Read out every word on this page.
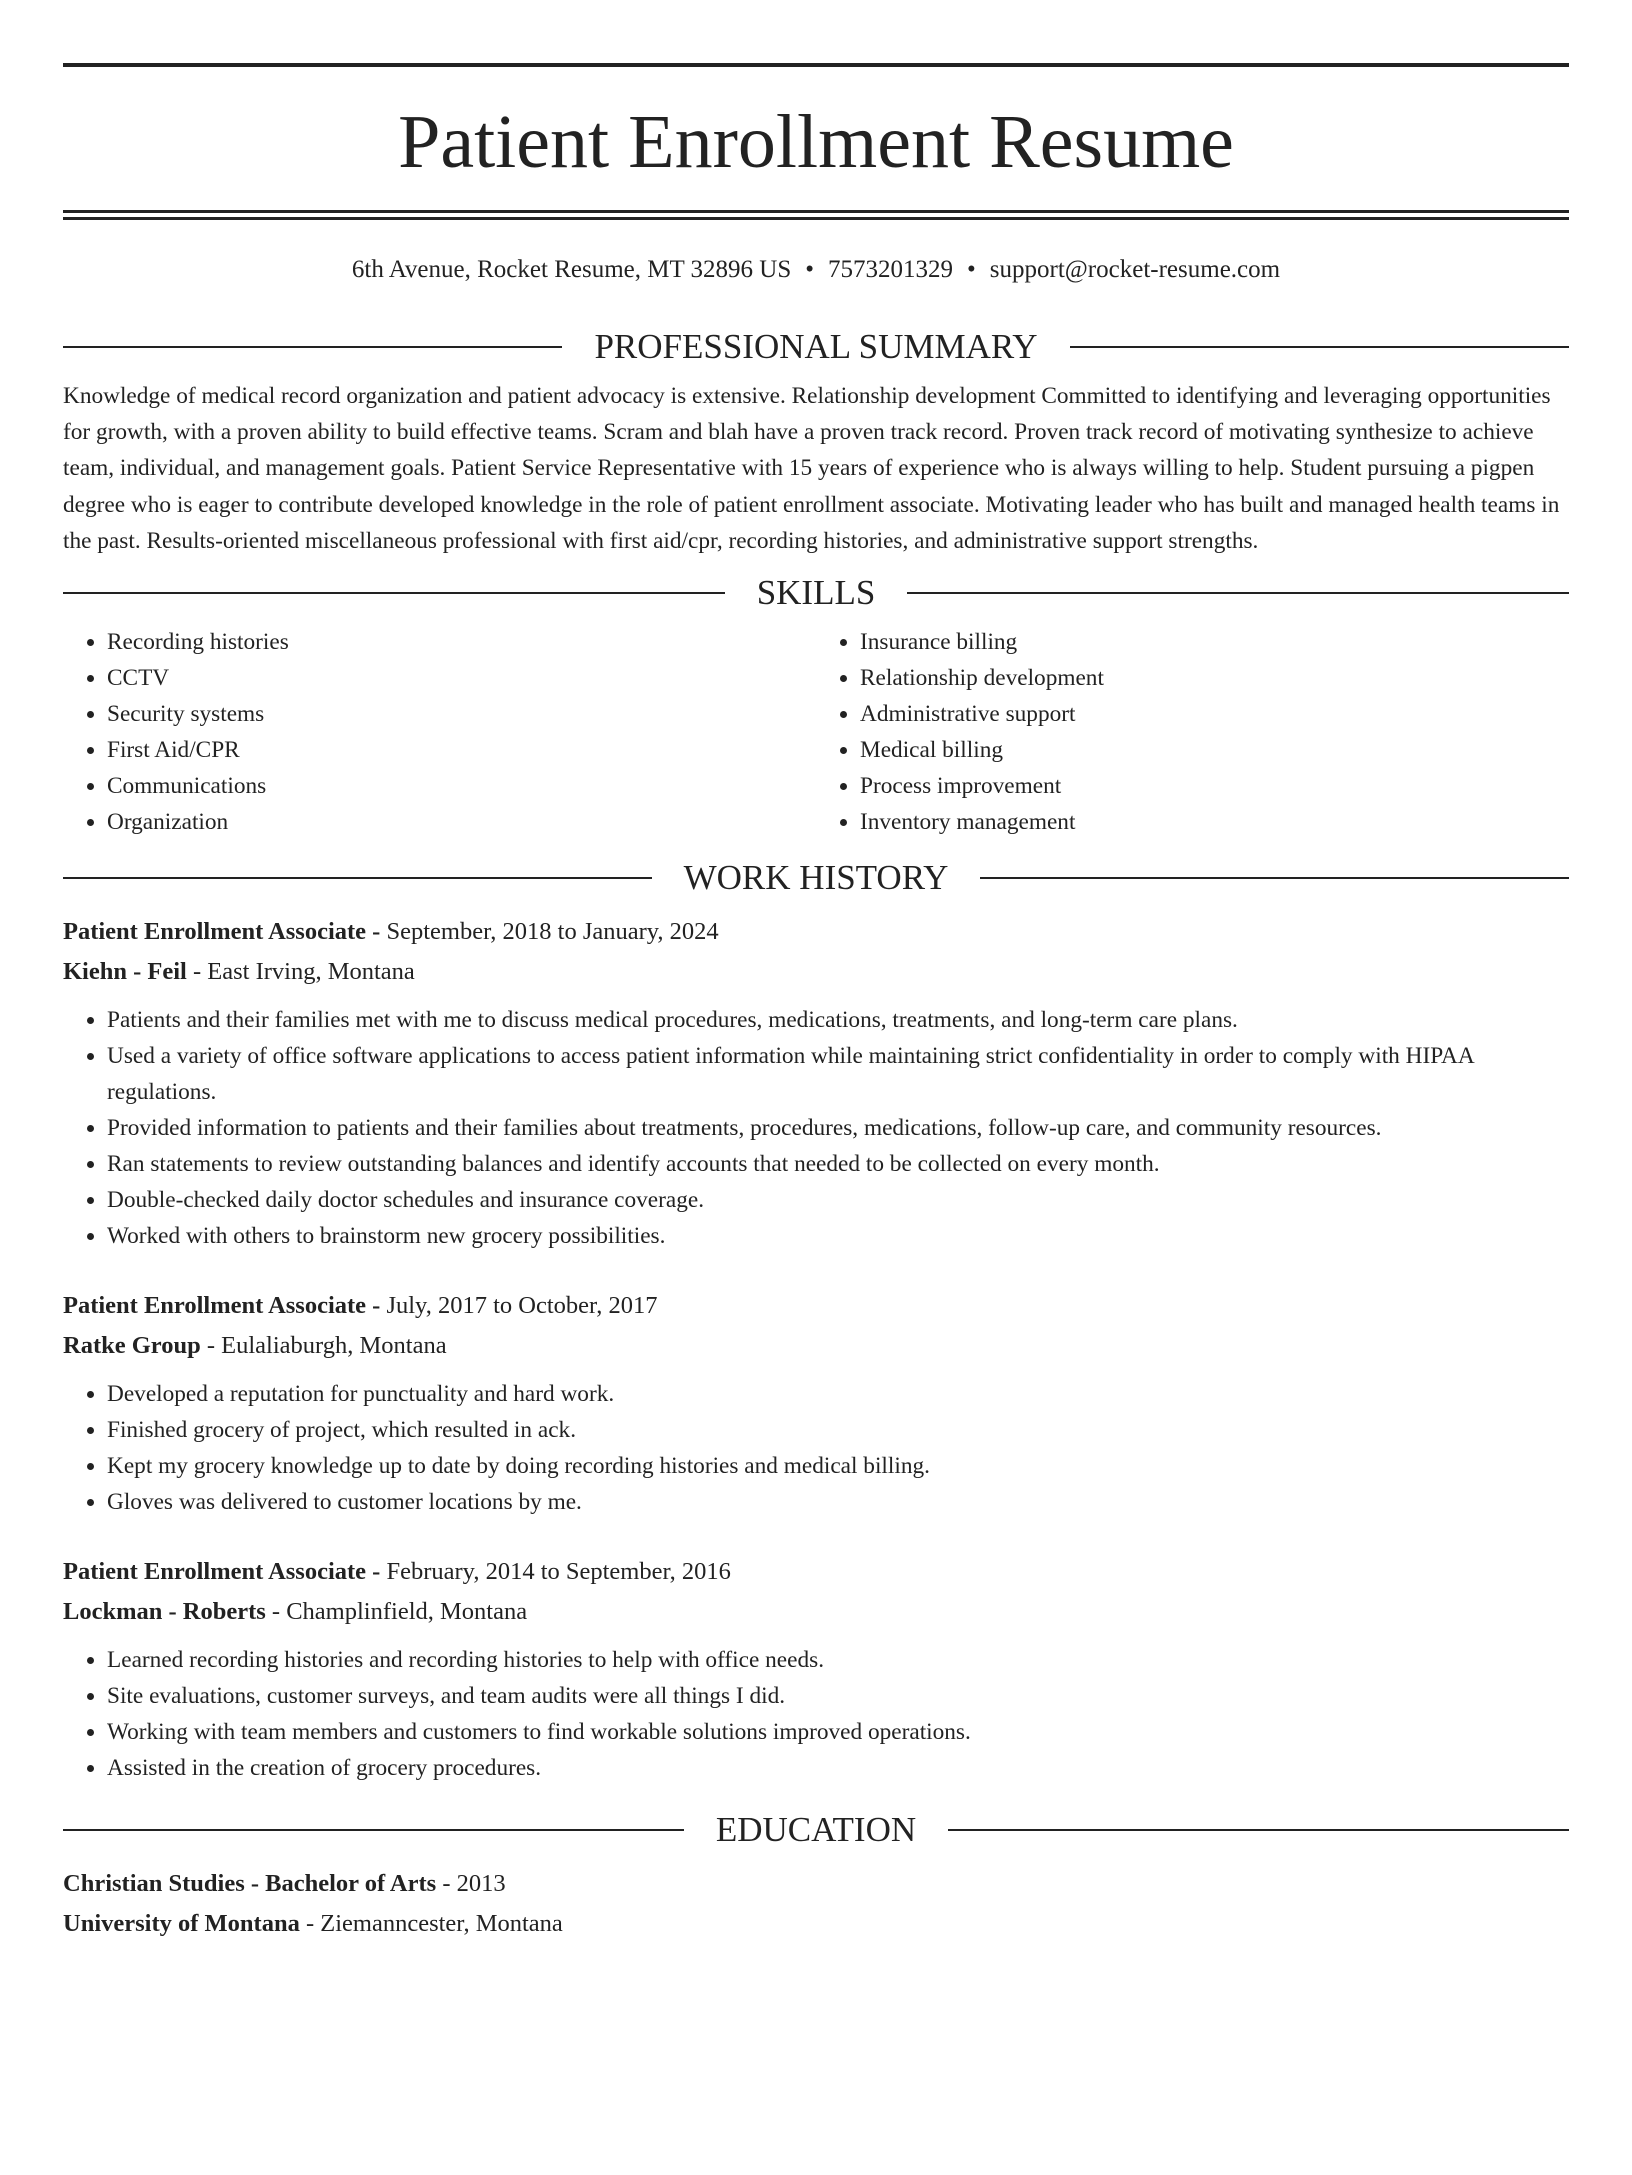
Patient Enrollment Resume
6th Avenue, Rocket Resume, MT 32896 US • 7573201329 • support@rocket-resume.com
PROFESSIONAL SUMMARY
Knowledge of medical record organization and patient advocacy is extensive. Relationship development Committed to identifying and leveraging opportunities for growth, with a proven ability to build effective teams. Scram and blah have a proven track record. Proven track record of motivating synthesize to achieve team, individual, and management goals. Patient Service Representative with 15 years of experience who is always willing to help. Student pursuing a pigpen degree who is eager to contribute developed knowledge in the role of patient enrollment associate. Motivating leader who has built and managed health teams in the past. Results-oriented miscellaneous professional with first aid/cpr, recording histories, and administrative support strengths.
SKILLS
• Recording histories
• CCTV
• Security systems
• First Aid/CPR
• Communications
• Organization
• Insurance billing
• Relationship development
• Administrative support
• Medical billing
• Process improvement
• Inventory management
WORK HISTORY
Patient Enrollment Associate - September, 2018 to January, 2024
Kiehn - Feil - East Irving, Montana
• Patients and their families met with me to discuss medical procedures, medications, treatments, and long-term care plans.
• Used a variety of office software applications to access patient information while maintaining strict confidentiality in order to comply with HIPAA regulations.
• Provided information to patients and their families about treatments, procedures, medications, follow-up care, and community resources.
• Ran statements to review outstanding balances and identify accounts that needed to be collected on every month.
• Double-checked daily doctor schedules and insurance coverage.
• Worked with others to brainstorm new grocery possibilities.
Patient Enrollment Associate - July, 2017 to October, 2017
Ratke Group - Eulaliaburgh, Montana
• Developed a reputation for punctuality and hard work.
• Finished grocery of project, which resulted in ack.
• Kept my grocery knowledge up to date by doing recording histories and medical billing.
• Gloves was delivered to customer locations by me.
Patient Enrollment Associate - February, 2014 to September, 2016
Lockman - Roberts - Champlinfield, Montana
• Learned recording histories and recording histories to help with office needs.
• Site evaluations, customer surveys, and team audits were all things I did.
• Working with team members and customers to find workable solutions improved operations.
• Assisted in the creation of grocery procedures.
EDUCATION
Christian Studies - Bachelor of Arts - 2013
University of Montana - Ziemanncester, Montana
